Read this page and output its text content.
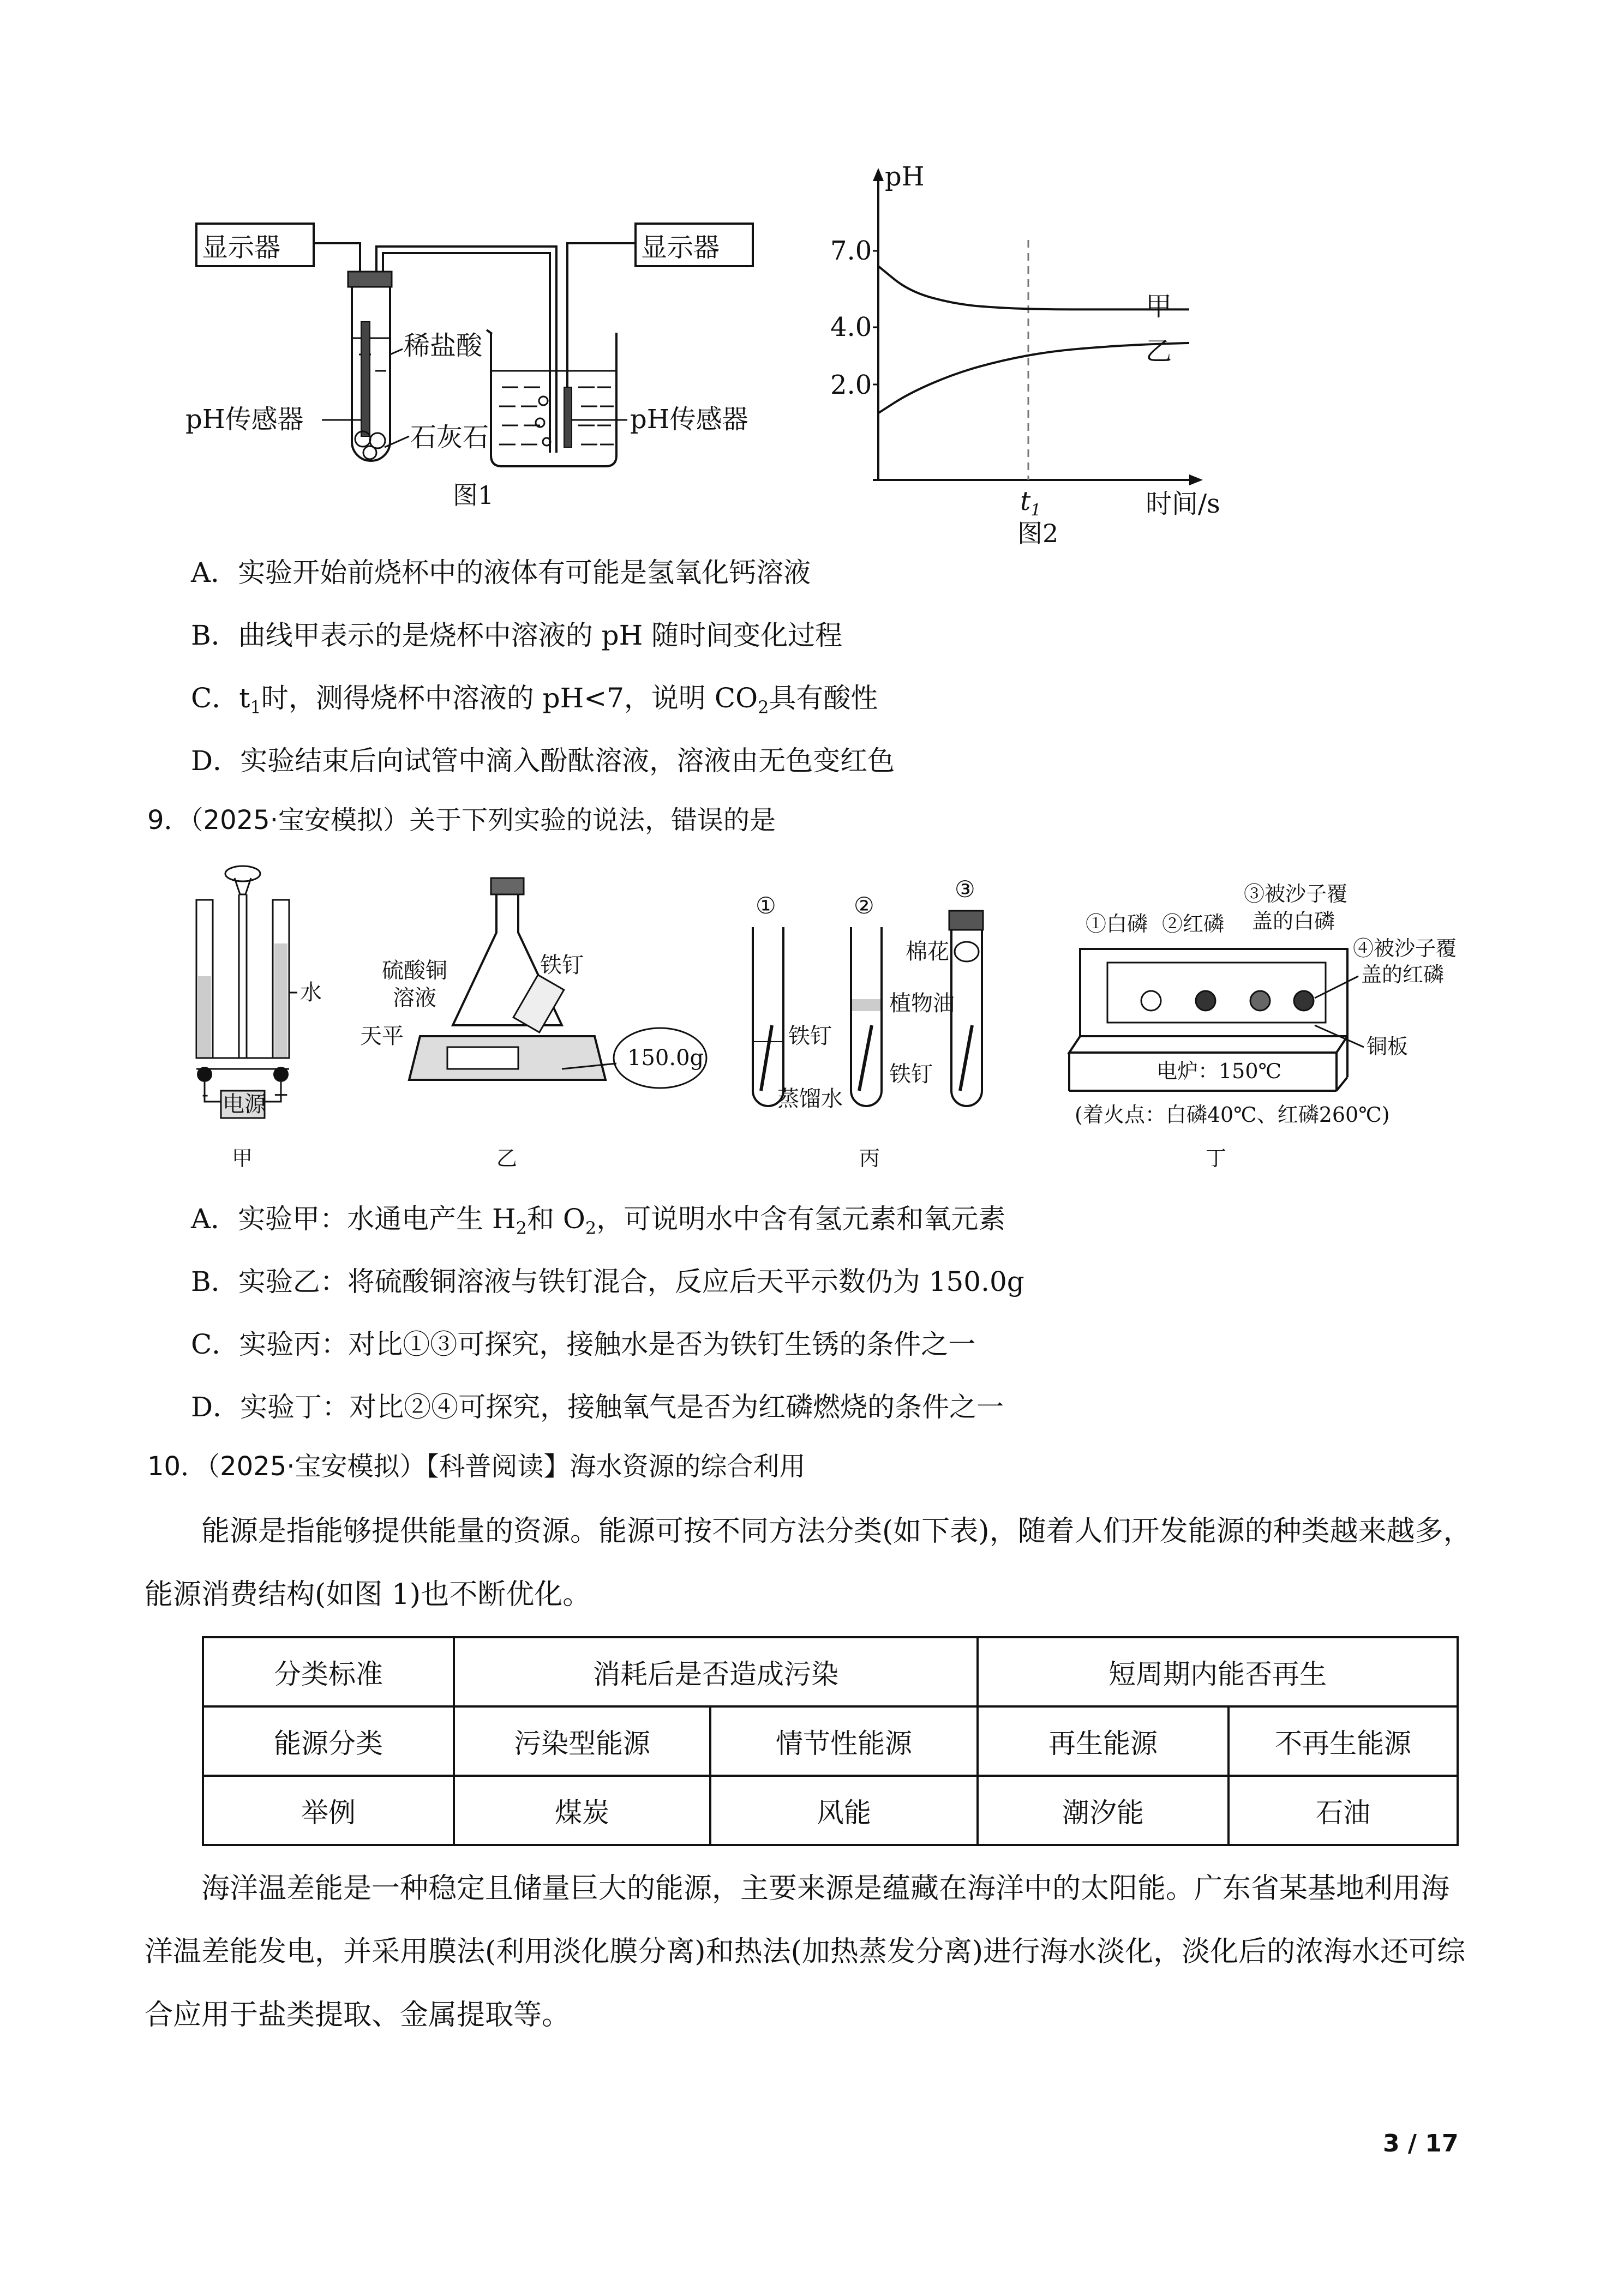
显示器	显示器
稀盐酸
pH传感器
石灰石
pH传感器
图1
pH
7.0
4.0
2.0
甲
乙
$t_1$	时间/s
图2
A．实验开始前烧杯中的液体有可能是氢氧化钙溶液
B．曲线甲表示的是烧杯中溶液的 pH 随时间变化过程
C．$t_1$时，测得烧杯中溶液的 pH<7，说明 $CO_2$具有酸性
D．实验结束后向试管中滴入酚酞溶液，溶液由无色变红色
9．（2025·宝安模拟）关于下列实验的说法，错误的是
水
-	+
电源
甲
硫酸铜
溶液
铁钉
天平
150.0g
乙
①	②
③
棉花
植物油
铁钉
铁钉
蒸馏水
丙
①白磷 ②红磷
③被沙子覆
盖的白磷
④被沙子覆
盖的红磷
铜板
电炉：150℃
(着火点：白磷40℃、红磷260℃)
丁
A．实验甲：水通电产生 $H_2$和 $O_2$，可说明水中含有氢元素和氧元素
B．实验乙：将硫酸铜溶液与铁钉混合，反应后天平示数仍为 150.0g
C．实验丙：对比①③可探究，接触水是否为铁钉生锈的条件之一
D．实验丁：对比②④可探究，接触氧气是否为红磷燃烧的条件之一
10．（2025·宝安模拟）【科普阅读】海水资源的综合利用
能源是指能够提供能量的资源。能源可按不同方法分类(如下表)，随着人们开发能源的种类越来越多，能源消费结构(如图 1)也不断优化。
分类标准	消耗后是否造成污染		短周期内能否再生	
能源分类	污染型能源	情节性能源	再生能源	不再生能源
举例	煤炭	风能	潮汐能	石油
海洋温差能是一种稳定且储量巨大的能源，主要来源是蕴藏在海洋中的太阳能。广东省某基地利用海洋温差能发电，并采用膜法(利用淡化膜分离)和热法(加热蒸发分离)进行海水淡化，淡化后的浓海水还可综合应用于盐类提取、金属提取等。
3 / 17
